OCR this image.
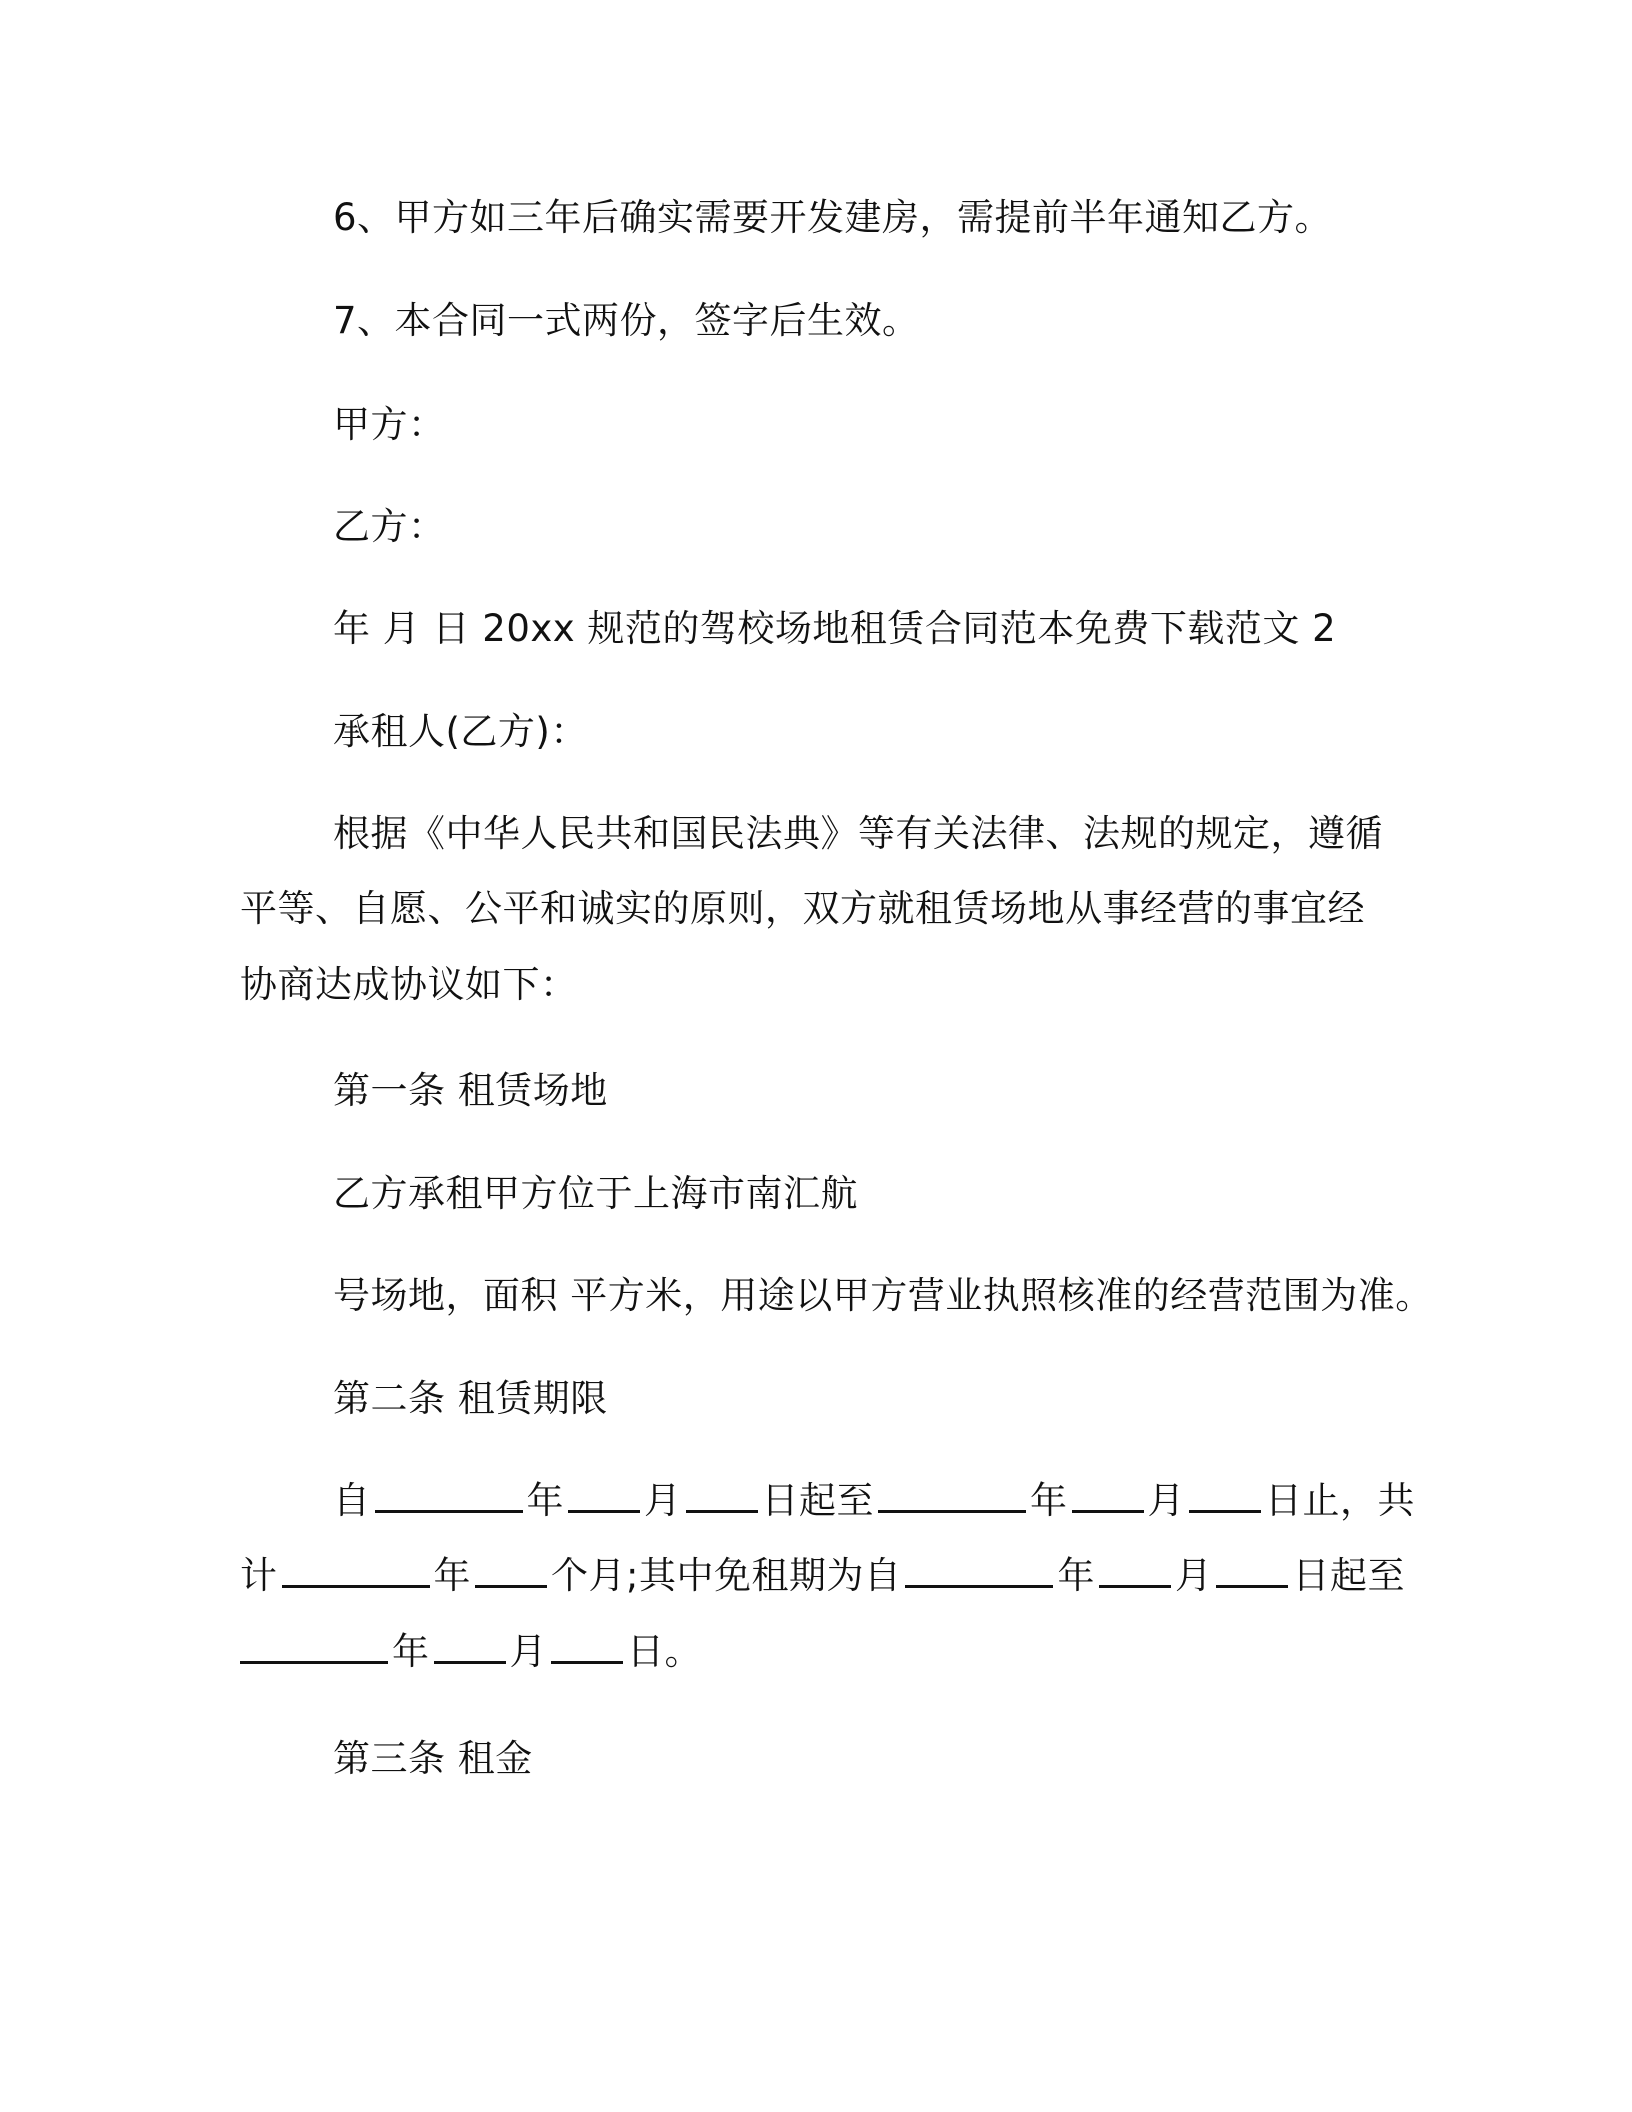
6、甲方如三年后确实需要开发建房，需提前半年通知乙方。
7、本合同一式两份，签字后生效。
甲方：
乙方：
年 月 日 20xx 规范的驾校场地租赁合同范本免费下载范文 2
承租人(乙方)：
根据《中华人民共和国民法典》等有关法律、法规的规定，遵循
平等、自愿、公平和诚实的原则，双方就租赁场地从事经营的事宜经
协商达成协议如下：
第一条 租赁场地
乙方承租甲方位于上海市南汇航
号场地，面积 平方米，用途以甲方营业执照核准的经营范围为准。
第二条 租赁期限
自	年 月 日起至	年 月 日止，共
计	年 个月;其中免租期为自	年 月 日起至
年 月 日。
第三条 租金
